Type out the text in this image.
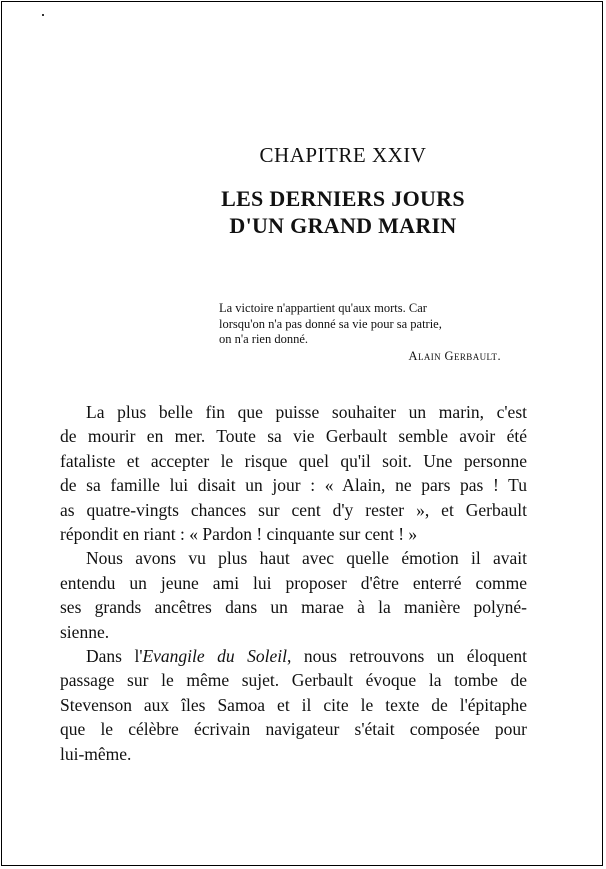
CHAPITRE XXIV
LES DERNIERS JOURS
D'UN GRAND MARIN
La victoire n'appartient qu'aux morts. Car
lorsqu'on n'a pas donné sa vie pour sa patrie,
on n'a rien donné.
Alain Gerbault.
La plus belle fin que puisse souhaiter un marin, c'est
de mourir en mer. Toute sa vie Gerbault semble avoir été
fataliste et accepter le risque quel qu'il soit. Une personne
de sa famille lui disait un jour : « Alain, ne pars pas ! Tu
as quatre-vingts chances sur cent d'y rester », et Gerbault
répondit en riant : « Pardon ! cinquante sur cent ! »
Nous avons vu plus haut avec quelle émotion il avait
entendu un jeune ami lui proposer d'être enterré comme
ses grands ancêtres dans un marae à la manière polyné-
sienne.
Dans l'Evangile du Soleil, nous retrouvons un éloquent
passage sur le même sujet. Gerbault évoque la tombe de
Stevenson aux îles Samoa et il cite le texte de l'épitaphe
que le célèbre écrivain navigateur s'était composée pour
lui-même.
